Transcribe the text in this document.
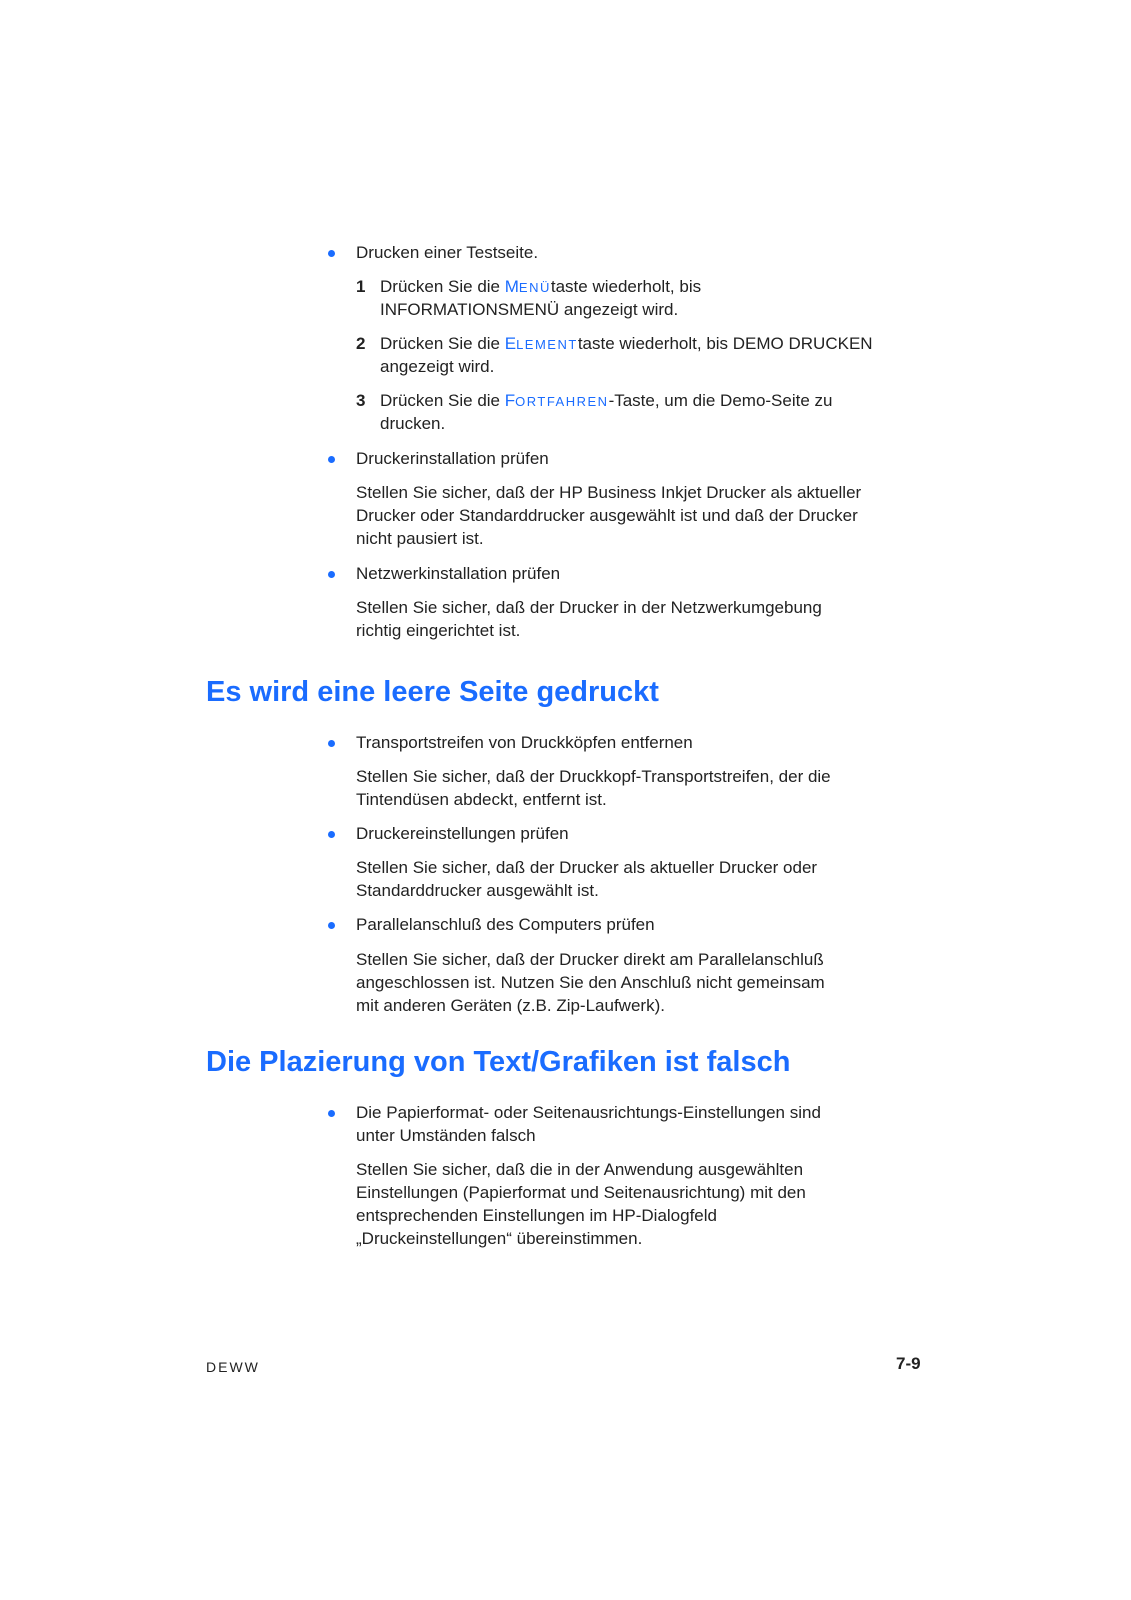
Drucken einer Testseite.
1 Drücken Sie die MENÜtaste wiederholt, bis
INFORMATIONSMENÜ angezeigt wird.
2 Drücken Sie die ELEMENTtaste wiederholt, bis DEMO DRUCKEN
angezeigt wird.
3 Drücken Sie die FORTFAHREN-Taste, um die Demo-Seite zu
drucken.
Druckerinstallation prüfen
Stellen Sie sicher, daß der HP Business Inkjet Drucker als aktueller
Drucker oder Standarddrucker ausgewählt ist und daß der Drucker
nicht pausiert ist.
Netzwerkinstallation prüfen
Stellen Sie sicher, daß der Drucker in der Netzwerkumgebung
richtig eingerichtet ist.
Es wird eine leere Seite gedruckt
Transportstreifen von Druckköpfen entfernen
Stellen Sie sicher, daß der Druckkopf-Transportstreifen, der die
Tintendüsen abdeckt, entfernt ist.
Druckereinstellungen prüfen
Stellen Sie sicher, daß der Drucker als aktueller Drucker oder
Standarddrucker ausgewählt ist.
Parallelanschluß des Computers prüfen
Stellen Sie sicher, daß der Drucker direkt am Parallelanschluß
angeschlossen ist. Nutzen Sie den Anschluß nicht gemeinsam
mit anderen Geräten (z.B. Zip-Laufwerk).
Die Plazierung von Text/Grafiken ist falsch
Die Papierformat- oder Seitenausrichtungs-Einstellungen sind
unter Umständen falsch
Stellen Sie sicher, daß die in der Anwendung ausgewählten
Einstellungen (Papierformat und Seitenausrichtung) mit den
entsprechenden Einstellungen im HP-Dialogfeld
„Druckeinstellungen“ übereinstimmen.
DEWW	7-9
